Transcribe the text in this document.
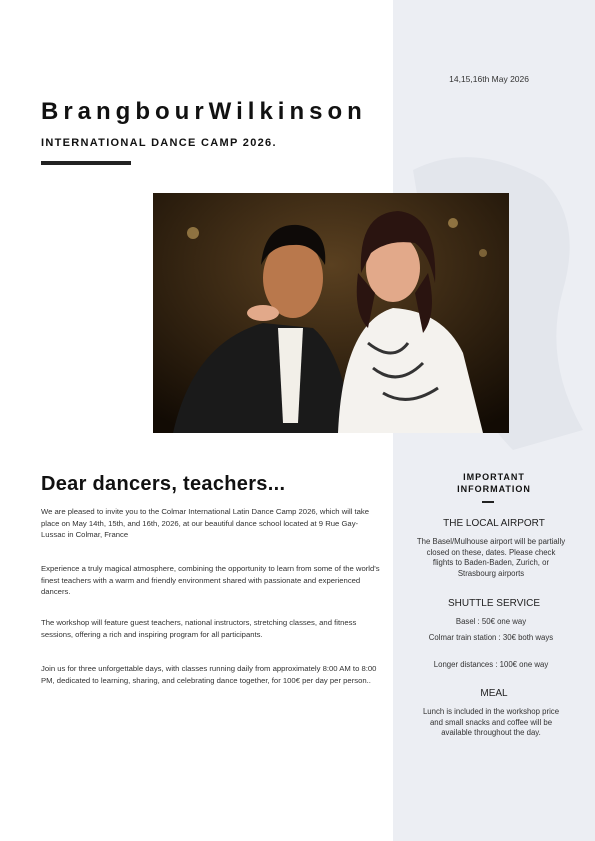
14,15,16th May 2026
BrangbourWilkinson
INTERNATIONAL DANCE CAMP 2026.
Dear dancers, teachers...

We are pleased to invite you to the Colmar International Latin Dance Camp 2026, which will take place on May 14th, 15th, and 16th, 2026, at our beautiful dance school located at 9 Rue Gay-Lussac in Colmar, France

Experience a truly magical atmosphere, combining the opportunity to learn from some of the world's finest teachers with a warm and friendly environment shared with passionate and experienced dancers.

The workshop will feature guest teachers, national instructors, stretching classes, and fitness sessions, offering a rich and inspiring program for all participants.

Join us for three unforgettable days, with classes running daily from approximately 8:00 AM to 8:00 PM, dedicated to learning, sharing, and celebrating dance together, for 100€ per day per person..

IMPORTANT
INFORMATION
THE LOCAL AIRPORT

The Basel/Mulhouse airport will be partially closed on these, dates. Please check flights to Baden-Baden, Zurich, or Strasbourg airports

SHUTTLE SERVICE

Basel : 50€ one way

Colmar train station : 30€ both ways

Longer distances : 100€ one way

MEAL

Lunch is included in the workshop price and small snacks and coffee will be available throughout the day.
